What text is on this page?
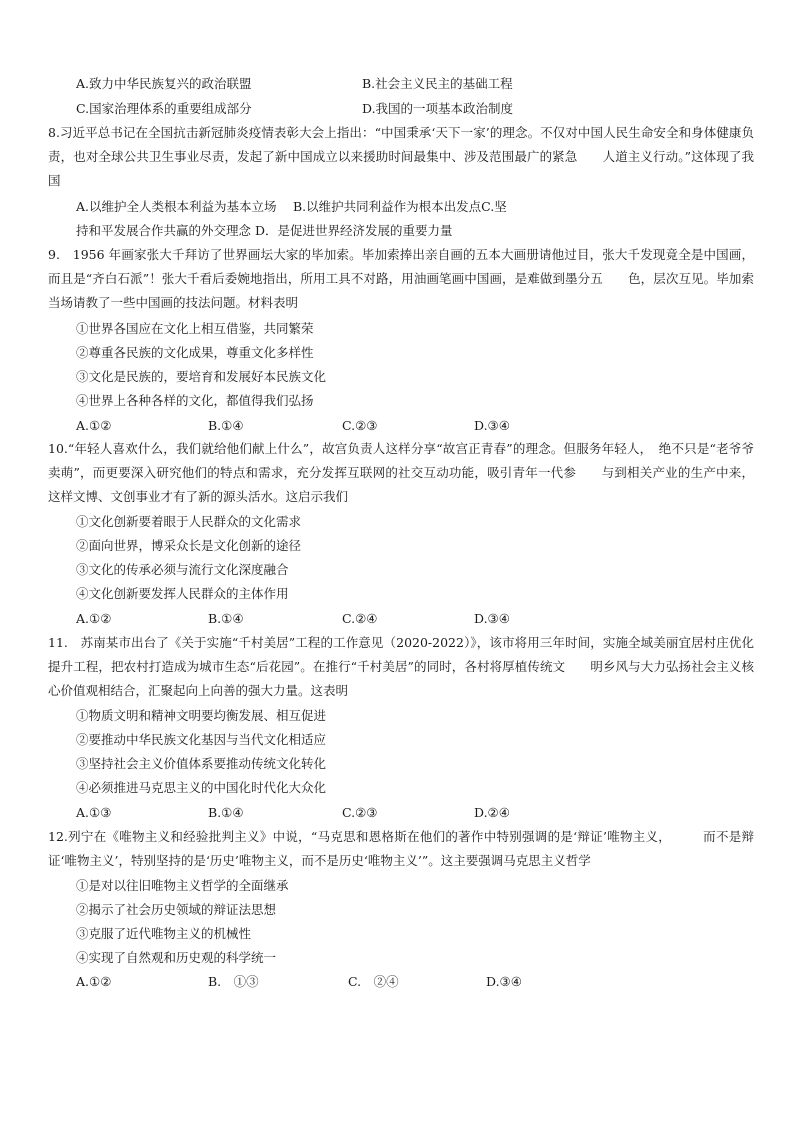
A.致力中华民族复兴的政治联盟	B.社会主义民主的基础工程
C.国家治理体系的重要组成部分	D.我国的一项基本政治制度
8.习近平总书记在全国抗击新冠肺炎疫情表彰大会上指出：“中国秉承‘天下一家’的理念。不仅对中国人民生命安全和身体健康负责，也对全球公共卫生事业尽责，发起了新中国成立以来援助时间最集中、涉及范围最广的紧急　　人道主义行动。”这体现了我国
A.以维护全人类根本利益为基本立场　 B.以维护共同利益作为根本出发点C.坚
持和平发展合作共赢的外交理念 D．是促进世界经济发展的重要力量
9.　1956 年画家张大千拜访了世界画坛大家的毕加索。毕加索捧出亲自画的五本大画册请他过目，张大千发现竟全是中国画，而且是“齐白石派”！张大千看后委婉地指出，所用工具不对路，用油画笔画中国画，是难做到墨分五　　色，层次互见。毕加索当场请教了一些中国画的技法问题。材料表明
①世界各国应在文化上相互借鉴，共同繁荣
②尊重各民族的文化成果，尊重文化多样性
③文化是民族的，要培育和发展好本民族文化
④世界上各种各样的文化，都值得我们弘扬
A.①②	B.①④	C.②③	D.③④
10.“年轻人喜欢什么，我们就给他们献上什么”，故宫负责人这样分享“故宫正青春”的理念。但服务年轻人，　绝不只是“老爷爷卖萌”，而更要深入研究他们的特点和需求，充分发挥互联网的社交互动功能，吸引青年一代参　　与到相关产业的生产中来，这样文博、文创事业才有了新的源头活水。这启示我们
①文化创新要着眼于人民群众的文化需求
②面向世界，博采众长是文化创新的途径
③文化的传承必须与流行文化深度融合
④文化创新要发挥人民群众的主体作用
A.①②	B.①④	C.②④	D.③④
11.　苏南某市出台了《关于实施“千村美居”工程的工作意见（2020-2022）》，该市将用三年时间，实施全域美丽宜居村庄优化提升工程，把农村打造成为城市生态“后花园”。在推行“千村美居”的同时，各村将厚植传统文　　明乡风与大力弘扬社会主义核心价值观相结合，汇聚起向上向善的强大力量。这表明
①物质文明和精神文明要均衡发展、相互促进
②要推动中华民族文化基因与当代文化相适应
③坚持社会主义价值体系要推动传统文化转化
④必须推进马克思主义的中国化时代化大众化
A.①③	B.①④	C.②③	D.②④
12.列宁在《唯物主义和经验批判主义》中说，“马克思和恩格斯在他们的著作中特别强调的是‘辩证’唯物主义，　　　而不是辩证‘唯物主义’，特别坚持的是‘历史’唯物主义，而不是历史‘唯物主义’”。这主要强调马克思主义哲学
①是对以往旧唯物主义哲学的全面继承
②揭示了社会历史领域的辩证法思想
③克服了近代唯物主义的机械性
④实现了自然观和历史观的科学统一
A.①②	B.　①③	C.　②④	D.③④
